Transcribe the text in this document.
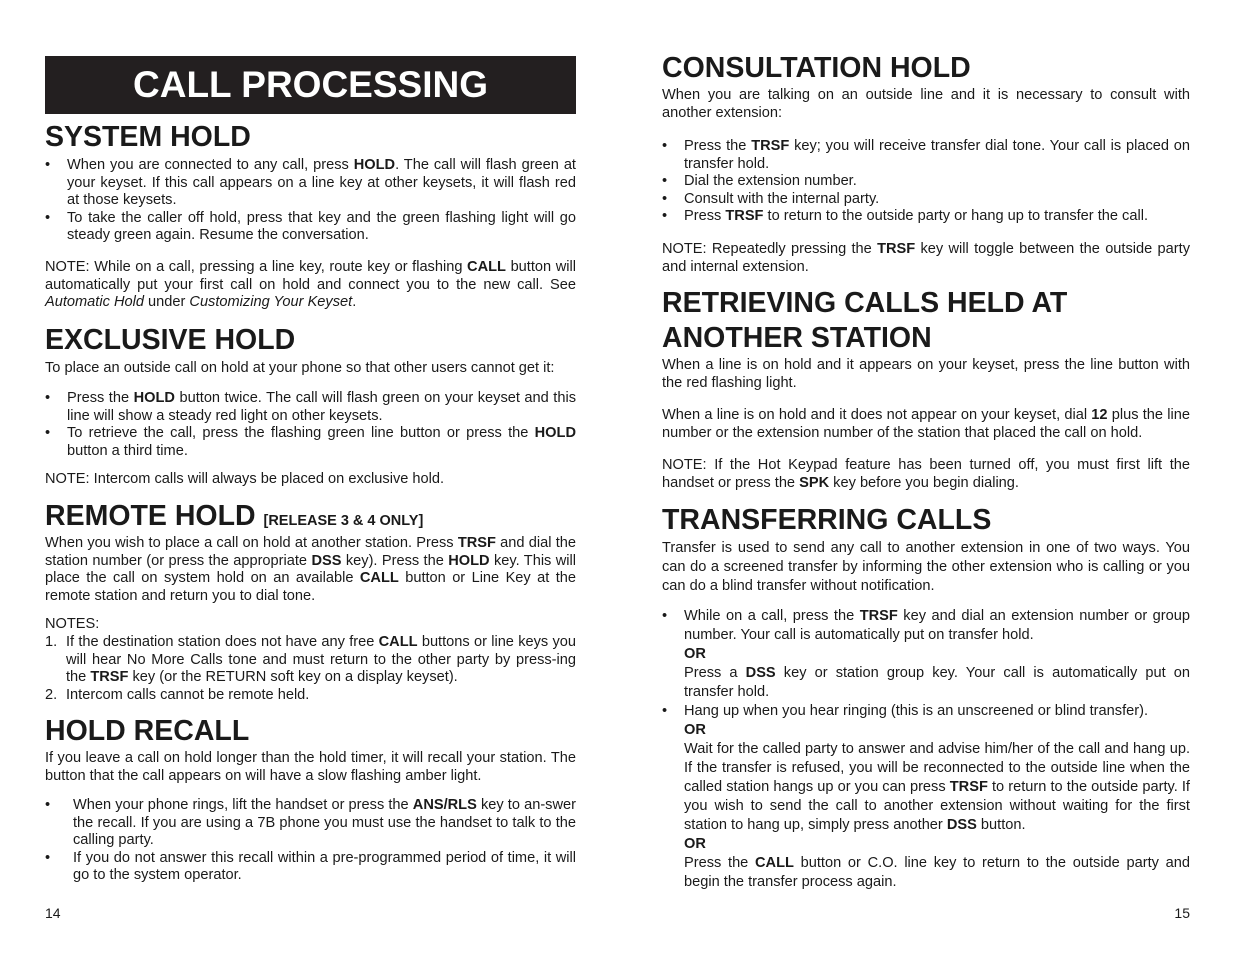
CALL PROCESSING
SYSTEM HOLD
• When you are connected to any call, press HOLD. The call will flash green at your keyset. If this call appears on a line key at other keysets, it will flash red at those keysets.
• To take the caller off hold, press that key and the green flashing light will go steady green again. Resume the conversation.

NOTE: While on a call, pressing a line key, route key or flashing CALL button will automatically put your first call on hold and connect you to the new call. See Automatic Hold under Customizing Your Keyset.

EXCLUSIVE HOLD

To place an outside call on hold at your phone so that other users cannot get it:

• Press the HOLD button twice. The call will flash green on your keyset and this line will show a steady red light on other keysets.
• To retrieve the call, press the flashing green line button or press the HOLD button a third time.

NOTE: Intercom calls will always be placed on exclusive hold.

REMOTE HOLD [RELEASE 3 & 4 ONLY]

When you wish to place a call on hold at another station. Press TRSF and dial the station number (or press the appropriate DSS key). Press the HOLD key. This will place the call on system hold on an available CALL button or Line Key at the remote station and return you to dial tone.

NOTES:

1. If the destination station does not have any free CALL buttons or line keys you will hear No More Calls tone and must return to the other party by press-ing the TRSF key (or the RETURN soft key on a display keyset).
2. Intercom calls cannot be remote held.
HOLD RECALL

If you leave a call on hold longer than the hold timer, it will recall your station. The button that the call appears on will have a slow flashing amber light.

• When your phone rings, lift the handset or press the ANS/RLS key to an-swer the recall. If you are using a 7B phone you must use the handset to talk to the calling party.
• If you do not answer this recall within a pre-programmed period of time, it will go to the system operator.
14
CONSULTATION HOLD

When you are talking on an outside line and it is necessary to consult with another extension:

• Press the TRSF key; you will receive transfer dial tone. Your call is placed on transfer hold.
• Dial the extension number.
• Consult with the internal party.
• Press TRSF to return to the outside party or hang up to transfer the call.

NOTE: Repeatedly pressing the TRSF key will toggle between the outside party and internal extension.

RETRIEVING CALLS HELD AT
ANOTHER STATION

When a line is on hold and it appears on your keyset, press the line button with the red flashing light.

When a line is on hold and it does not appear on your keyset, dial 12 plus the line number or the extension number of the station that placed the call on hold.

NOTE: If the Hot Keypad feature has been turned off, you must first lift the handset or press the SPK key before you begin dialing.

TRANSFERRING CALLS

Transfer is used to send any call to another extension in one of two ways. You can do a screened transfer by informing the other extension who is calling or you can do a blind transfer without notification.

• While on a call, press the TRSF key and dial an extension number or group number. Your call is automatically put on transfer hold.
OR
Press a DSS key or station group key. Your call is automatically put on transfer hold.
• Hang up when you hear ringing (this is an unscreened or blind transfer).
OR
Wait for the called party to answer and advise him/her of the call and hang up. If the transfer is refused, you will be reconnected to the outside line when the called station hangs up or you can press TRSF to return to the outside party. If you wish to send the call to another extension without waiting for the first station to hang up, simply press another DSS button.
OR
Press the CALL button or C.O. line key to return to the outside party and begin the transfer process again.
15
